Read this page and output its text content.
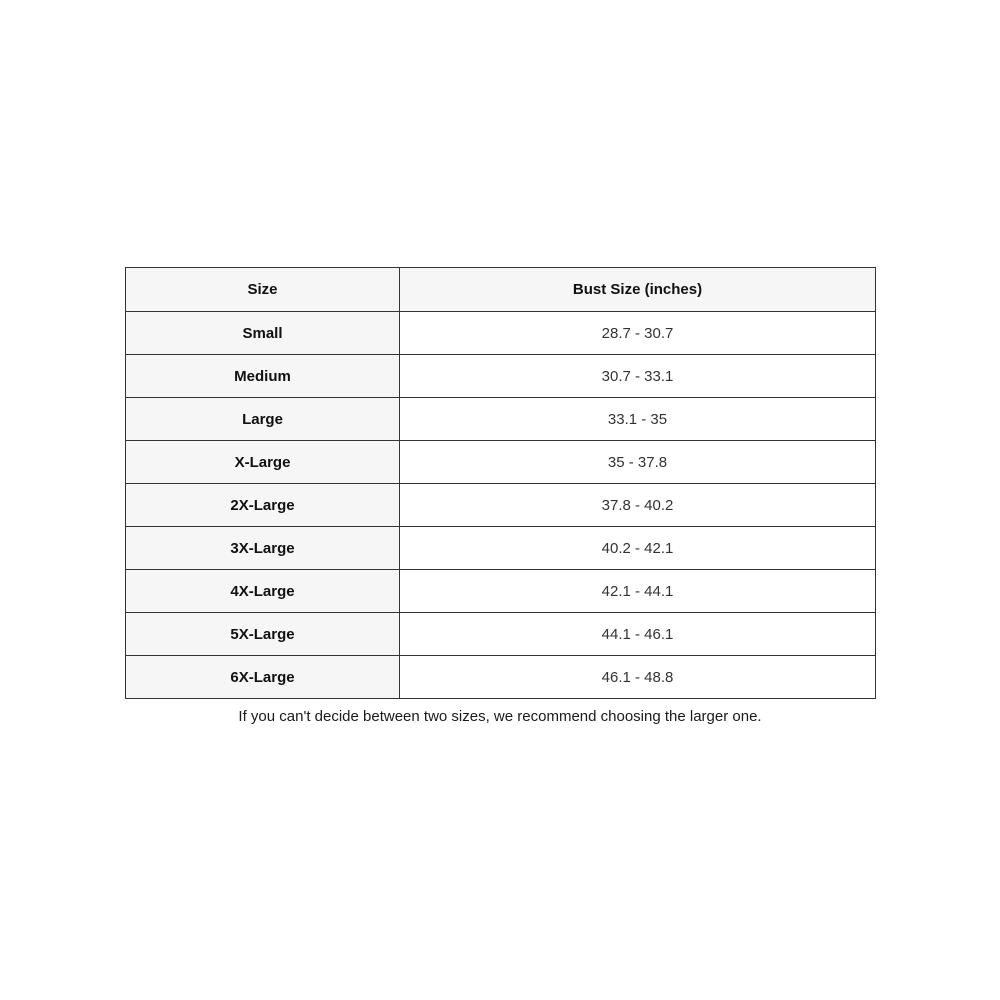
Size	Bust Size (inches)
Small	28.7 - 30.7
Medium	30.7 - 33.1
Large	33.1 - 35
X-Large	35 - 37.8
2X-Large	37.8 - 40.2
3X-Large	40.2 - 42.1
4X-Large	42.1 - 44.1
5X-Large	44.1 - 46.1
6X-Large	46.1 - 48.8
If you can't decide between two sizes, we recommend choosing the larger one.
